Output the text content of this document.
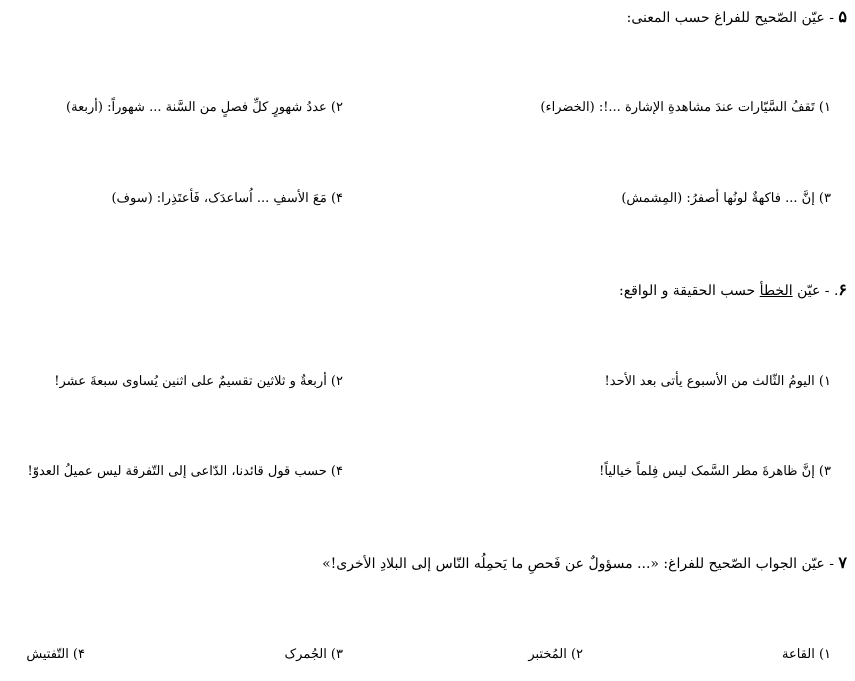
۵ - عیّن الصّحیح للفراغ حسب المعنی:
١) تَقفُ السَّیّارات عندَ مشاهدةِ الإشارة ...!: (الخضراء)
٢) عددُ شهورٍ کلِّ فصلٍ من السَّنة ... شهوراً: (أربعة)
٣) إنَّ ... فاکهةٌ لونُها أصفرُ: (المِشمش)
۴) مَعَ الأسفِ ... اُساعدَک، فَأعتَذِرا: (سوف)
۶. - عیّن الخطأ حسب الحقیقة و الواقع:
١) الیومُ الثّالث من الأسبوع یأتی بعد الأحد!
٢) أربعةٌ و ثلاثین تقسیمٌ علی اثنین یُساوی سبعةَ عشر!
٣) إنَّ ظاهرةَ مطر السَّمک لیس فِلماً خیالیاً!
۴) حسب قول قائدنا، الدّاعی إلی التّفرقة لیس عمیلُ العدوّ!
٧ - عیّن الجواب الصّحیح للفراغ: «... مسؤولٌ عن فَحصِ ما یَحمِلُه النّاس إلی البلادِ الأخری!»
١) القاعة
٢) المُختبر
٣) الجُمرک
۴) التّفتیش
